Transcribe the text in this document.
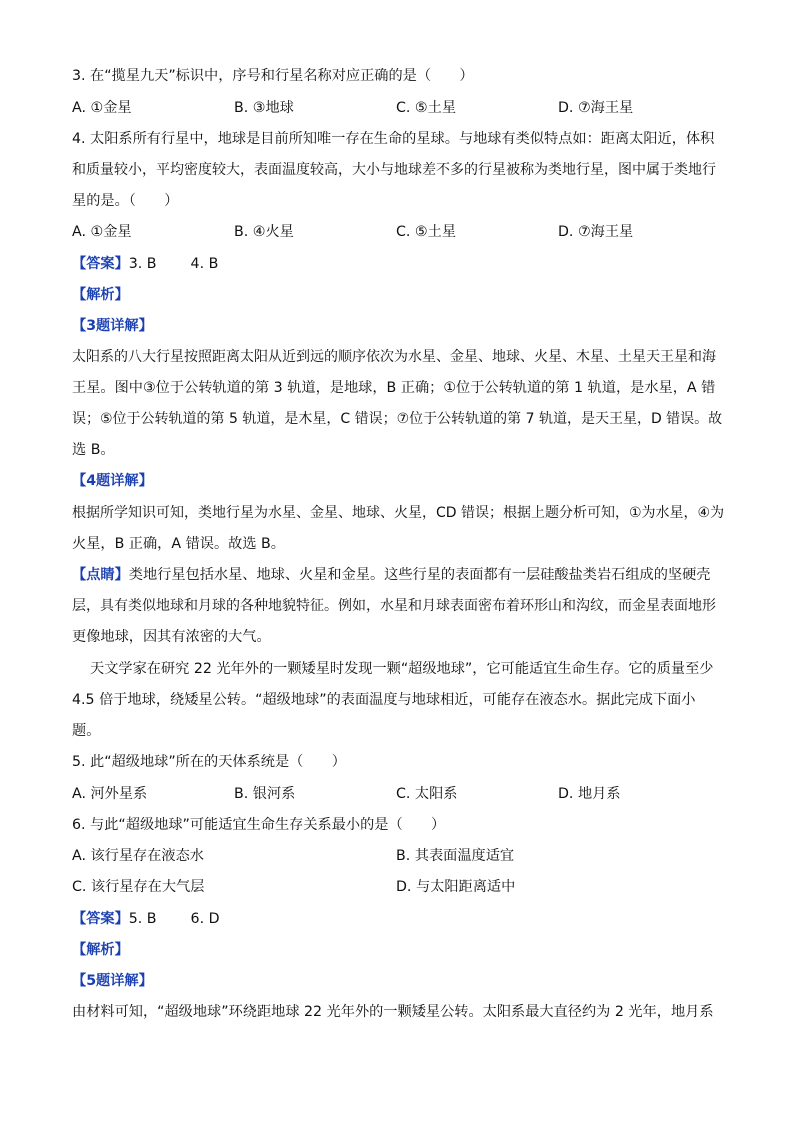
3. 在“揽星九天”标识中，序号和行星名称对应正确的是（　　）
A. ①金星	B. ③地球	C. ⑤土星	D. ⑦海王星
4. 太阳系所有行星中，地球是目前所知唯一存在生命的星球。与地球有类似特点如：距离太阳近，体积
和质量较小，平均密度较大，表面温度较高，大小与地球差不多的行星被称为类地行星，图中属于类地行
星的是。（　　）
A. ①金星	B. ④火星	C. ⑤土星	D. ⑦海王星
【答案】3. B 4. B
【解析】
【3题详解】
太阳系的八大行星按照距离太阳从近到远的顺序依次为水星、金星、地球、火星、木星、土星天王星和海
王星。图中③位于公转轨道的第 3 轨道，是地球，B 正确；①位于公转轨道的第 1 轨道，是水星，A 错
误；⑤位于公转轨道的第 5 轨道，是木星，C 错误；⑦位于公转轨道的第 7 轨道，是天王星，D 错误。故
选 B。
【4题详解】
根据所学知识可知，类地行星为水星、金星、地球、火星，CD 错误；根据上题分析可知，①为水星，④为
火星，B 正确，A 错误。故选 B。
【点睛】类地行星包括水星、地球、火星和金星。这些行星的表面都有一层硅酸盐类岩石组成的坚硬壳
层，具有类似地球和月球的各种地貌特征。例如，水星和月球表面密布着环形山和沟纹，而金星表面地形
更像地球，因其有浓密的大气。
天文学家在研究 22 光年外的一颗矮星时发现一颗“超级地球”，它可能适宜生命生存。它的质量至少
4.5 倍于地球，绕矮星公转。“超级地球”的表面温度与地球相近，可能存在液态水。据此完成下面小
题。
5. 此“超级地球”所在的天体系统是（　　）
A. 河外星系	B. 银河系	C. 太阳系	D. 地月系
6. 与此“超级地球”可能适宜生命生存关系最小的是（　　）
A. 该行星存在液态水	B. 其表面温度适宜
C. 该行星存在大气层	D. 与太阳距离适中
【答案】5. B 6. D
【解析】
【5题详解】
由材料可知，“超级地球”环绕距地球 22 光年外的一颗矮星公转。太阳系最大直径约为 2 光年，地月系
